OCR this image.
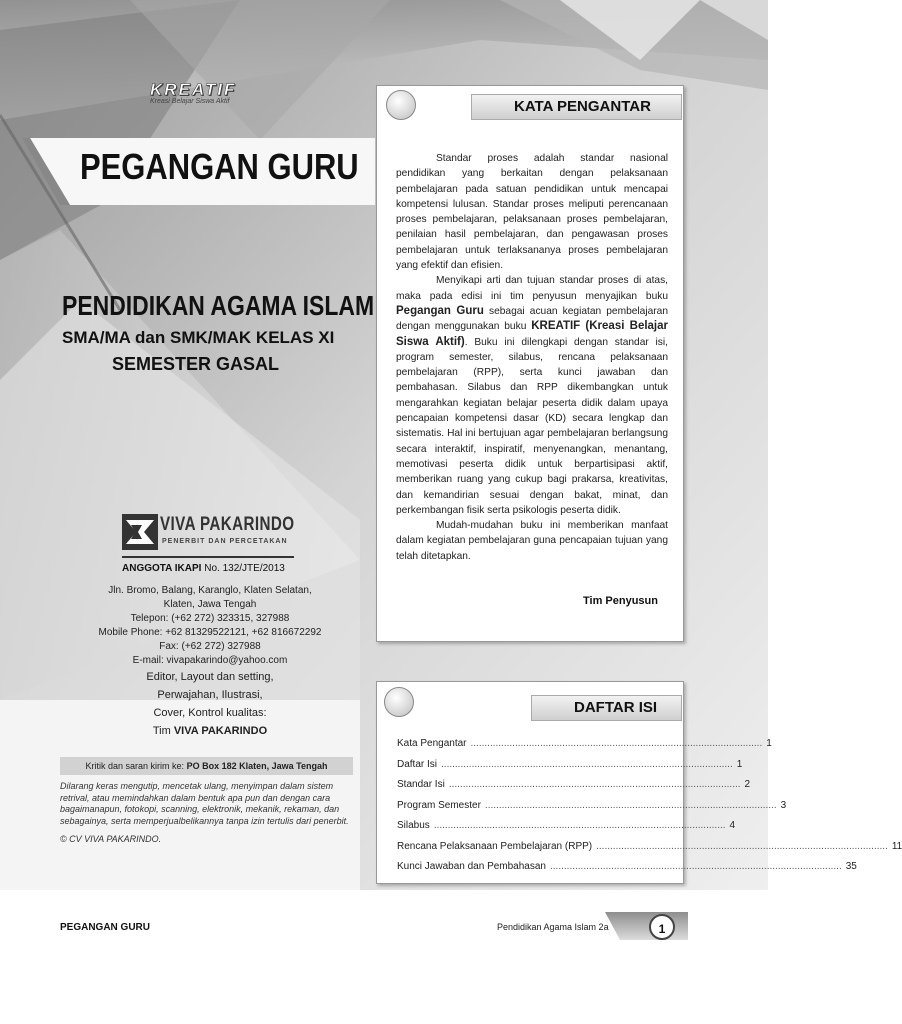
KREATIF
Kreasi Belajar Siswa Aktif
PEGANGAN GURU
PENDIDIKAN AGAMA ISLAM
SMA/MA dan SMK/MAK KELAS XI
SEMESTER GASAL
VIVA PAKARINDO
PENERBIT DAN PERCETAKAN
ANGGOTA IKAPI No. 132/JTE/2013
Jln. Bromo, Balang, Karanglo, Klaten Selatan,
Klaten, Jawa Tengah
Telepon: (+62 272) 323315, 327988
Mobile Phone: +62 81329522121, +62 816672292
Fax: (+62 272) 327988
E-mail: vivapakarindo@yahoo.com
Editor, Layout dan setting,
Perwajahan, Ilustrasi,
Cover, Kontrol kualitas:
Tim VIVA PAKARINDO
Kritik dan saran kirim ke: PO Box 182 Klaten, Jawa Tengah
Dilarang keras mengutip, mencetak ulang, menyimpan dalam sistem retrival, atau memindahkan dalam bentuk apa pun dan dengan cara bagaimanapun, fotokopi, scanning, elektronik, mekanik, rekaman, dan sebagainya, serta memperjualbelikannya tanpa izin tertulis dari penerbit.
© CV VIVA PAKARINDO.
KATA PENGANTAR

Standar proses adalah standar nasional pendidikan yang berkaitan dengan pelaksanaan pembelajaran pada satuan pendidikan untuk mencapai kompetensi lulusan. Standar proses meliputi perencanaan proses pembelajaran, pelaksanaan proses pembelajaran, penilaian hasil pembelajaran, dan pengawasan proses pembelajaran untuk terlaksananya proses pembelajaran yang efektif dan efisien.

Menyikapi arti dan tujuan standar proses di atas, maka pada edisi ini tim penyusun menyajikan buku Pegangan Guru sebagai acuan kegiatan pembelajaran dengan menggunakan buku KREATIF (Kreasi Belajar Siswa Aktif). Buku ini dilengkapi dengan standar isi, program semester, silabus, rencana pelaksanaan pembelajaran (RPP), serta kunci jawaban dan pembahasan. Silabus dan RPP dikembangkan untuk mengarahkan kegiatan belajar peserta didik dalam upaya pencapaian kompetensi dasar (KD) secara lengkap dan sistematis. Hal ini bertujuan agar pembelajaran berlangsung secara interaktif, inspiratif, menyenangkan, menantang, memotivasi peserta didik untuk berpartisipasi aktif, memberikan ruang yang cukup bagi prakarsa, kreativitas, dan kemandirian sesuai dengan bakat, minat, dan perkembangan fisik serta psikologis peserta didik.

Mudah-mudahan buku ini memberikan manfaat dalam kegiatan pembelajaran guna pencapaian tujuan yang telah ditetapkan.

Tim Penyusun
DAFTAR ISI
Kata Pengantar ......................................................................................................... 1
Daftar Isi ......................................................................................................... 1
Standar Isi ......................................................................................................... 2
Program Semester ......................................................................................................... 3
Silabus ......................................................................................................... 4
Rencana Pelaksanaan Pembelajaran (RPP) ......................................................................................................... 11
Kunci Jawaban dan Pembahasan ......................................................................................................... 35
PEGANGAN GURU	Pendidikan Agama Islam 2a	1
